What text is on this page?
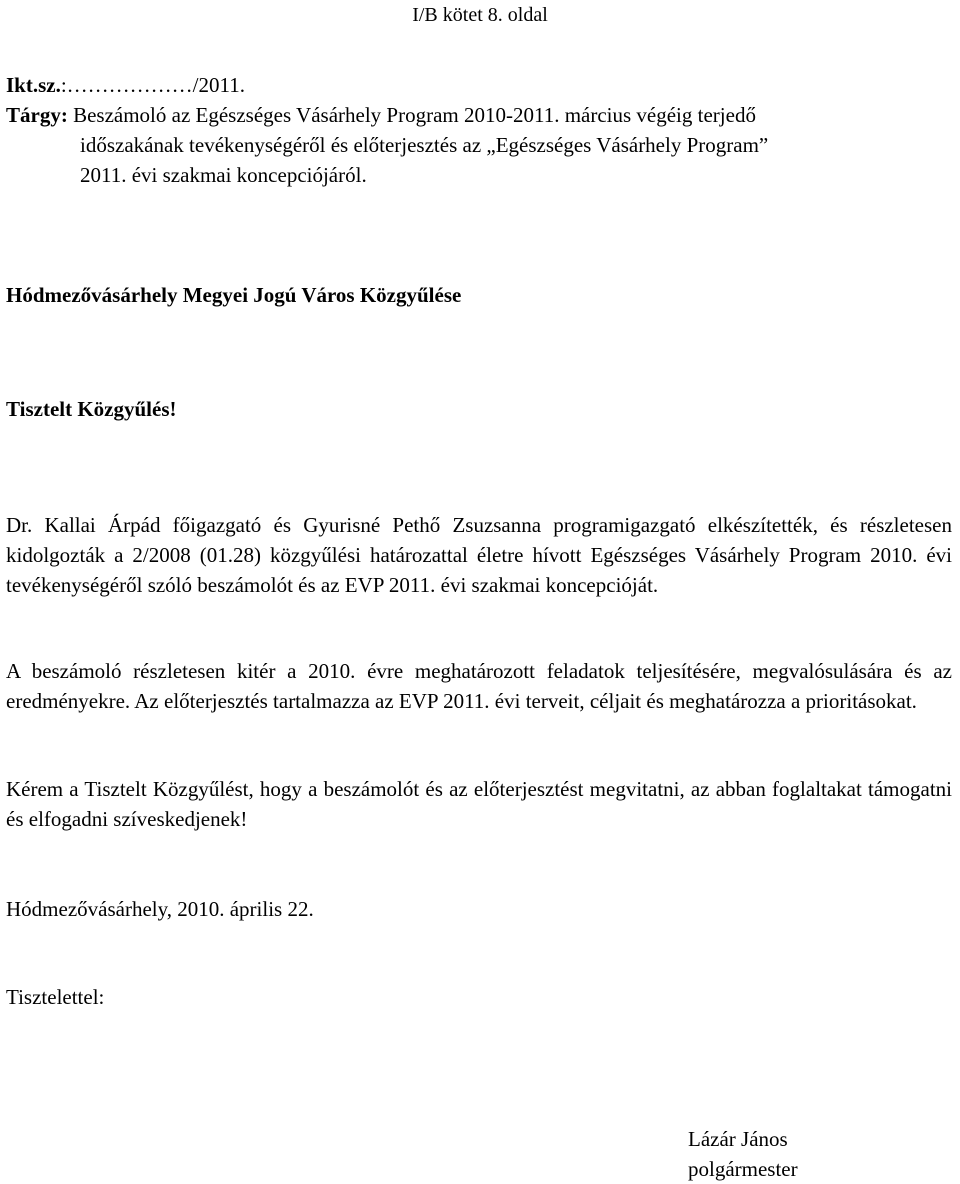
I/B kötet 8. oldal
Ikt.sz.:………………/2011.
Tárgy: Beszámoló az Egészséges Vásárhely Program 2010-2011. március végéig terjedő
időszakának tevékenységéről és előterjesztés az „Egészséges Vásárhely Program”
2011. évi szakmai koncepciójáról.
Hódmezővásárhely Megyei Jogú Város Közgyűlése
Tisztelt Közgyűlés!
Dr. Kallai Árpád főigazgató és Gyurisné Pethő Zsuzsanna programigazgató elkészítették, és részletesen kidolgozták a 2/2008 (01.28) közgyűlési határozattal életre hívott Egészséges Vásárhely Program 2010. évi tevékenységéről szóló beszámolót és az EVP 2011. évi szakmai koncepcióját.
A beszámoló részletesen kitér a 2010. évre meghatározott feladatok teljesítésére, megvalósulására és az eredményekre. Az előterjesztés tartalmazza az EVP 2011. évi terveit, céljait és meghatározza a prioritásokat.
Kérem a Tisztelt Közgyűlést, hogy a beszámolót és az előterjesztést megvitatni, az abban foglaltakat támogatni és elfogadni szíveskedjenek!
Hódmezővásárhely, 2010. április 22.
Tisztelettel:
Lázár János
polgármester
